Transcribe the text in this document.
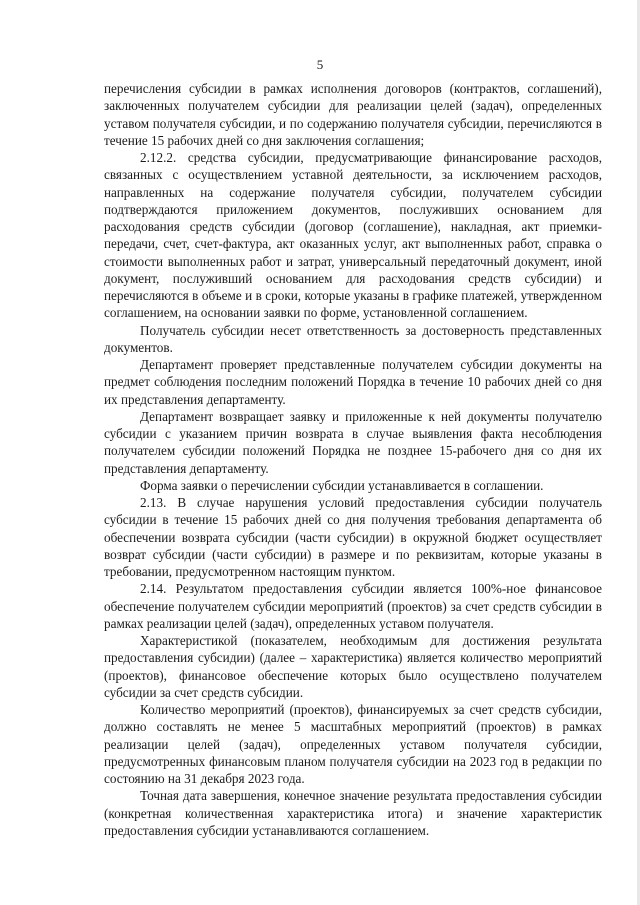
5

перечисления субсидии в рамках исполнения договоров (контрактов, соглашений), заключенных получателем субсидии для реализации целей (задач), определенных уставом получателя субсидии, и по содержанию получателя субсидии, перечисляются в течение 15 рабочих дней со дня заключения соглашения;

2.12.2. средства субсидии, предусматривающие финансирование расходов, связанных с осуществлением уставной деятельности, за исключением расходов, направленных на содержание получателя субсидии, получателем субсидии подтверждаются приложением документов, послуживших основанием для расходования средств субсидии (договор (соглашение), накладная, акт приемки-передачи, счет, счет-фактура, акт оказанных услуг, акт выполненных работ, справка о стоимости выполненных работ и затрат, универсальный передаточный документ, иной документ, послуживший основанием для расходования средств субсидии) и перечисляются в объеме и в сроки, которые указаны в графике платежей, утвержденном соглашением, на основании заявки по форме, установленной соглашением.

Получатель субсидии несет ответственность за достоверность представленных документов.

Департамент проверяет представленные получателем субсидии документы на предмет соблюдения последним положений Порядка в течение 10 рабочих дней со дня их представления департаменту.

Департамент возвращает заявку и приложенные к ней документы получателю субсидии с указанием причин возврата в случае выявления факта несоблюдения получателем субсидии положений Порядка не позднее 15-рабочего дня со дня их представления департаменту.

Форма заявки о перечислении субсидии устанавливается в соглашении.

2.13. В случае нарушения условий предоставления субсидии получатель субсидии в течение 15 рабочих дней со дня получения требования департамента об обеспечении возврата субсидии (части субсидии) в окружной бюджет осуществляет возврат субсидии (части субсидии) в размере и по реквизитам, которые указаны в требовании, предусмотренном настоящим пунктом.

2.14. Результатом предоставления субсидии является 100%-ное финансовое обеспечение получателем субсидии мероприятий (проектов) за счет средств субсидии в рамках реализации целей (задач), определенных уставом получателя.

Характеристикой (показателем, необходимым для достижения результата предоставления субсидии) (далее – характеристика) является количество мероприятий (проектов), финансовое обеспечение которых было осуществлено получателем субсидии за счет средств субсидии.

Количество мероприятий (проектов), финансируемых за счет средств субсидии, должно составлять не менее 5 масштабных мероприятий (проектов) в рамках реализации целей (задач), определенных уставом получателя субсидии, предусмотренных финансовым планом получателя субсидии на 2023 год в редакции по состоянию на 31 декабря 2023 года.

Точная дата завершения, конечное значение результата предоставления субсидии (конкретная количественная характеристика итога) и значение характеристик предоставления субсидии устанавливаются соглашением.
